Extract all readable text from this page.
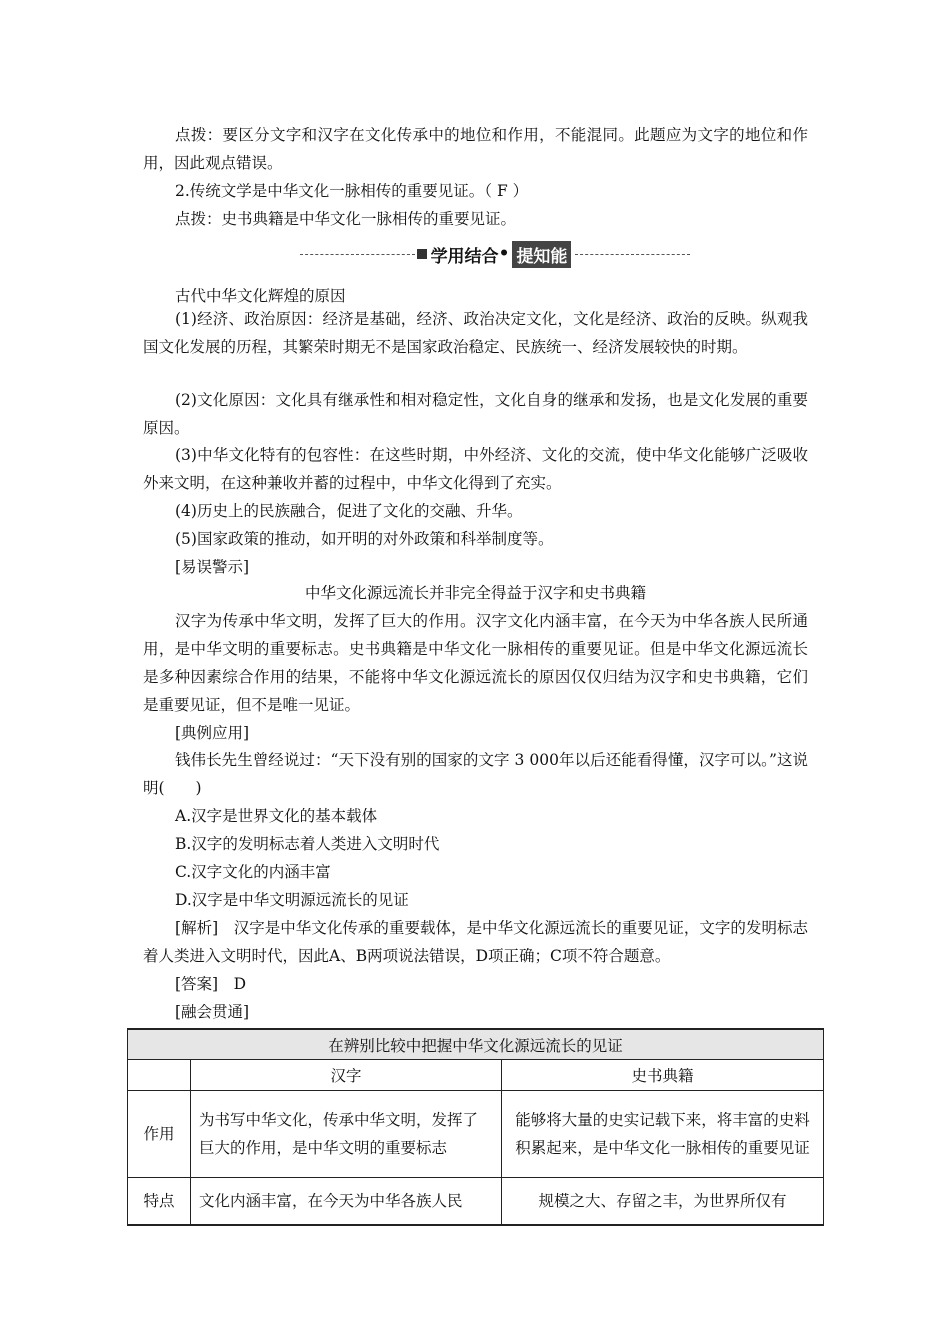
点拨：要区分文字和汉字在文化传承中的地位和作用，不能混同。此题应为文字的地位和作用，因此观点错误。

2.传统文学是中华文化一脉相传的重要见证。（ F ）

点拨：史书典籍是中华文化一脉相传的重要见证。

学用结合 • 提知能

古代中华文化辉煌的原因

(1)经济、政治原因：经济是基础，经济、政治决定文化，文化是经济、政治的反映。纵观我国文化发展的历程，其繁荣时期无不是国家政治稳定、民族统一、经济发展较快的时期。

(2)文化原因：文化具有继承性和相对稳定性，文化自身的继承和发扬，也是文化发展的重要原因。

(3)中华文化特有的包容性：在这些时期，中外经济、文化的交流，使中华文化能够广泛吸收外来文明，在这种兼收并蓄的过程中，中华文化得到了充实。

(4)历史上的民族融合，促进了文化的交融、升华。

(5)国家政策的推动，如开明的对外政策和科举制度等。

[易误警示]

中华文化源远流长并非完全得益于汉字和史书典籍

汉字为传承中华文明，发挥了巨大的作用。汉字文化内涵丰富，在今天为中华各族人民所通用，是中华文明的重要标志。史书典籍是中华文化一脉相传的重要见证。但是中华文化源远流长是多种因素综合作用的结果，不能将中华文化源远流长的原因仅仅归结为汉字和史书典籍，它们是重要见证，但不是唯一见证。

[典例应用]

钱伟长先生曾经说过：“天下没有别的国家的文字 3 000年以后还能看得懂，汉字可以。”这说明(　　)

A.汉字是世界文化的基本载体

B.汉字的发明标志着人类进入文明时代

C.汉字文化的内涵丰富

D.汉字是中华文明源远流长的见证

[解析]　汉字是中华文化传承的重要载体，是中华文化源远流长的重要见证，文字的发明标志着人类进入文明时代，因此A、B两项说法错误，D项正确；C项不符合题意。

[答案]　D

[融会贯通]

在辨别比较中把握中华文化源远流长的见证		
	汉字	史书典籍
作用	为书写中华文化，传承中华文明，发挥了巨大的作用，是中华文明的重要标志	能够将大量的史实记载下来，将丰富的史料积累起来，是中华文化一脉相传的重要见证
特点	文化内涵丰富，在今天为中华各族人民	规模之大、存留之丰，为世界所仅有
